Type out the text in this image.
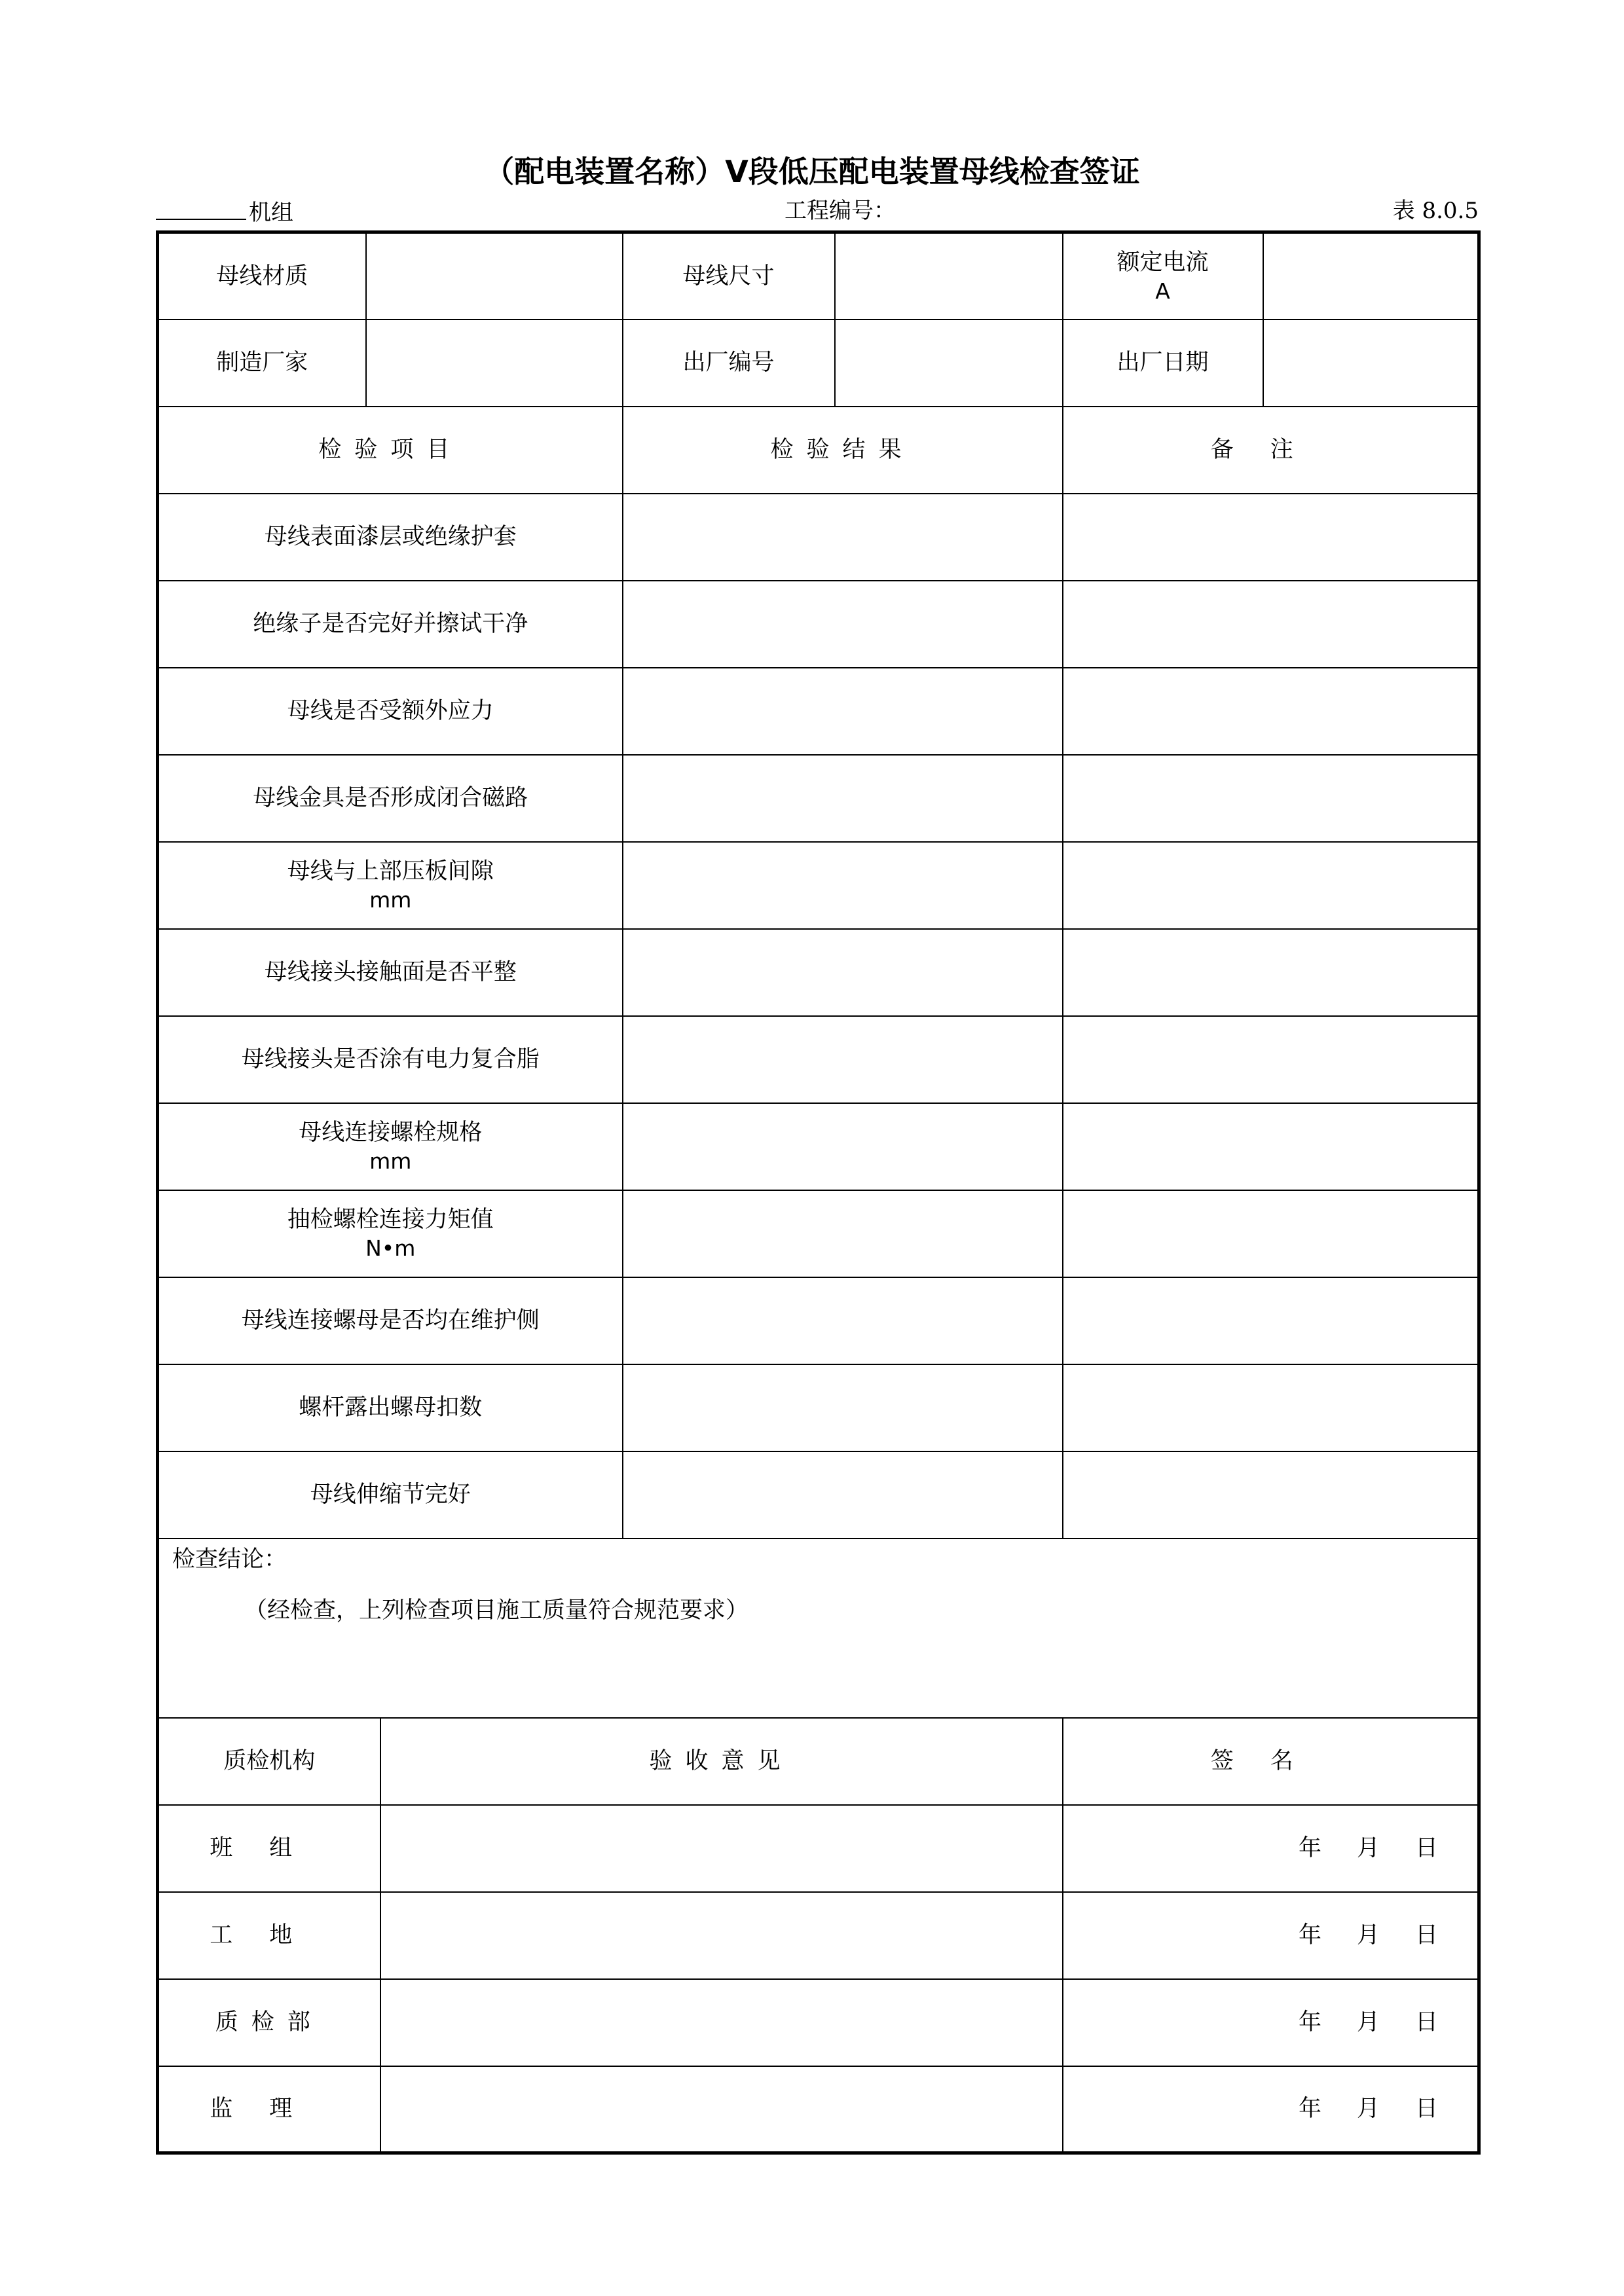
（配电装置名称）Ⅴ段低压配电装置母线检查签证
机组	工程编号：	表 8.0.5
母线材质			母线尺寸		额定电流
A	

制造厂家			出厂编号		出厂日期	
检验项目			检验结果		备注	
母线表面漆层或绝缘护套						
绝缘子是否完好并擦试干净						
母线是否受额外应力						
母线金具是否形成闭合磁路						
母线与上部压板间隙
mm						

母线接头接触面是否平整						
母线接头是否涂有电力复合脂						
母线连接螺栓规格
mm						

抽检螺栓连接力矩值
N•m						

母线连接螺母是否均在维护侧						
螺杆露出螺母扣数						
母线伸缩节完好						

检查结论：
（经检查，上列检查项目施工质量符合规范要求）						

质检机构		验收意见			签名	
班组					年 月 日	
工地					年 月 日	
质检部					年 月 日	
监理					年 月 日	
